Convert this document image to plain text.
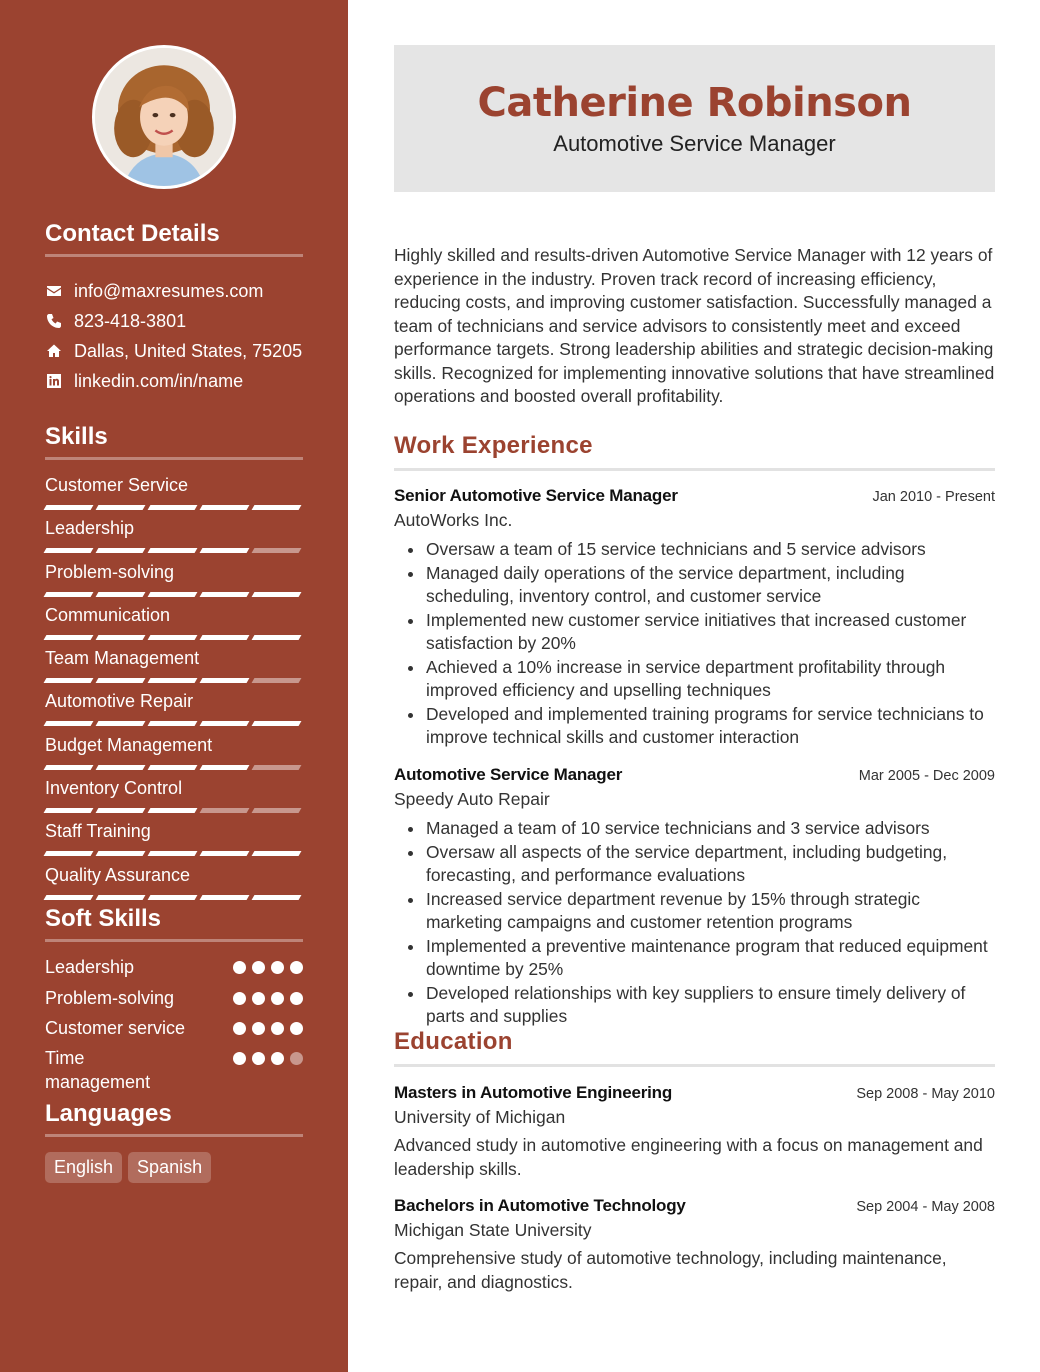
Contact Details
info@maxresumes.com
823-418-3801
Dallas, United States, 75205
linkedin.com/in/name
Skills
Customer Service
Leadership
Problem-solving
Communication
Team Management
Automotive Repair
Budget Management
Inventory Control
Staff Training
Quality Assurance
Soft Skills
Leadership
Problem-solving
Customer service
Time management
Languages
English	Spanish
Catherine Robinson
Automotive Service Manager

Highly skilled and results-driven Automotive Service Manager with 12 years of experience in the industry. Proven track record of increasing efficiency, reducing costs, and improving customer satisfaction. Successfully managed a team of technicians and service advisors to consistently meet and exceed performance targets. Strong leadership abilities and strategic decision-making skills. Recognized for implementing innovative solutions that have streamlined operations and boosted overall profitability.

Work Experience
Senior Automotive Service Manager	Jan 2010 - Present
AutoWorks Inc.
Oversaw a team of 15 service technicians and 5 service advisors
Managed daily operations of the service department, including scheduling, inventory control, and customer service
Implemented new customer service initiatives that increased customer satisfaction by 20%
Achieved a 10% increase in service department profitability through improved efficiency and upselling techniques
Developed and implemented training programs for service technicians to improve technical skills and customer interaction
Automotive Service Manager	Mar 2005 - Dec 2009
Speedy Auto Repair
Managed a team of 10 service technicians and 3 service advisors
Oversaw all aspects of the service department, including budgeting, forecasting, and performance evaluations
Increased service department revenue by 15% through strategic marketing campaigns and customer retention programs
Implemented a preventive maintenance program that reduced equipment downtime by 25%
Developed relationships with key suppliers to ensure timely delivery of parts and supplies
Education
Masters in Automotive Engineering	Sep 2008 - May 2010
University of Michigan

Advanced study in automotive engineering with a focus on management and leadership skills.

Bachelors in Automotive Technology	Sep 2004 - May 2008
Michigan State University

Comprehensive study of automotive technology, including maintenance, repair, and diagnostics.
